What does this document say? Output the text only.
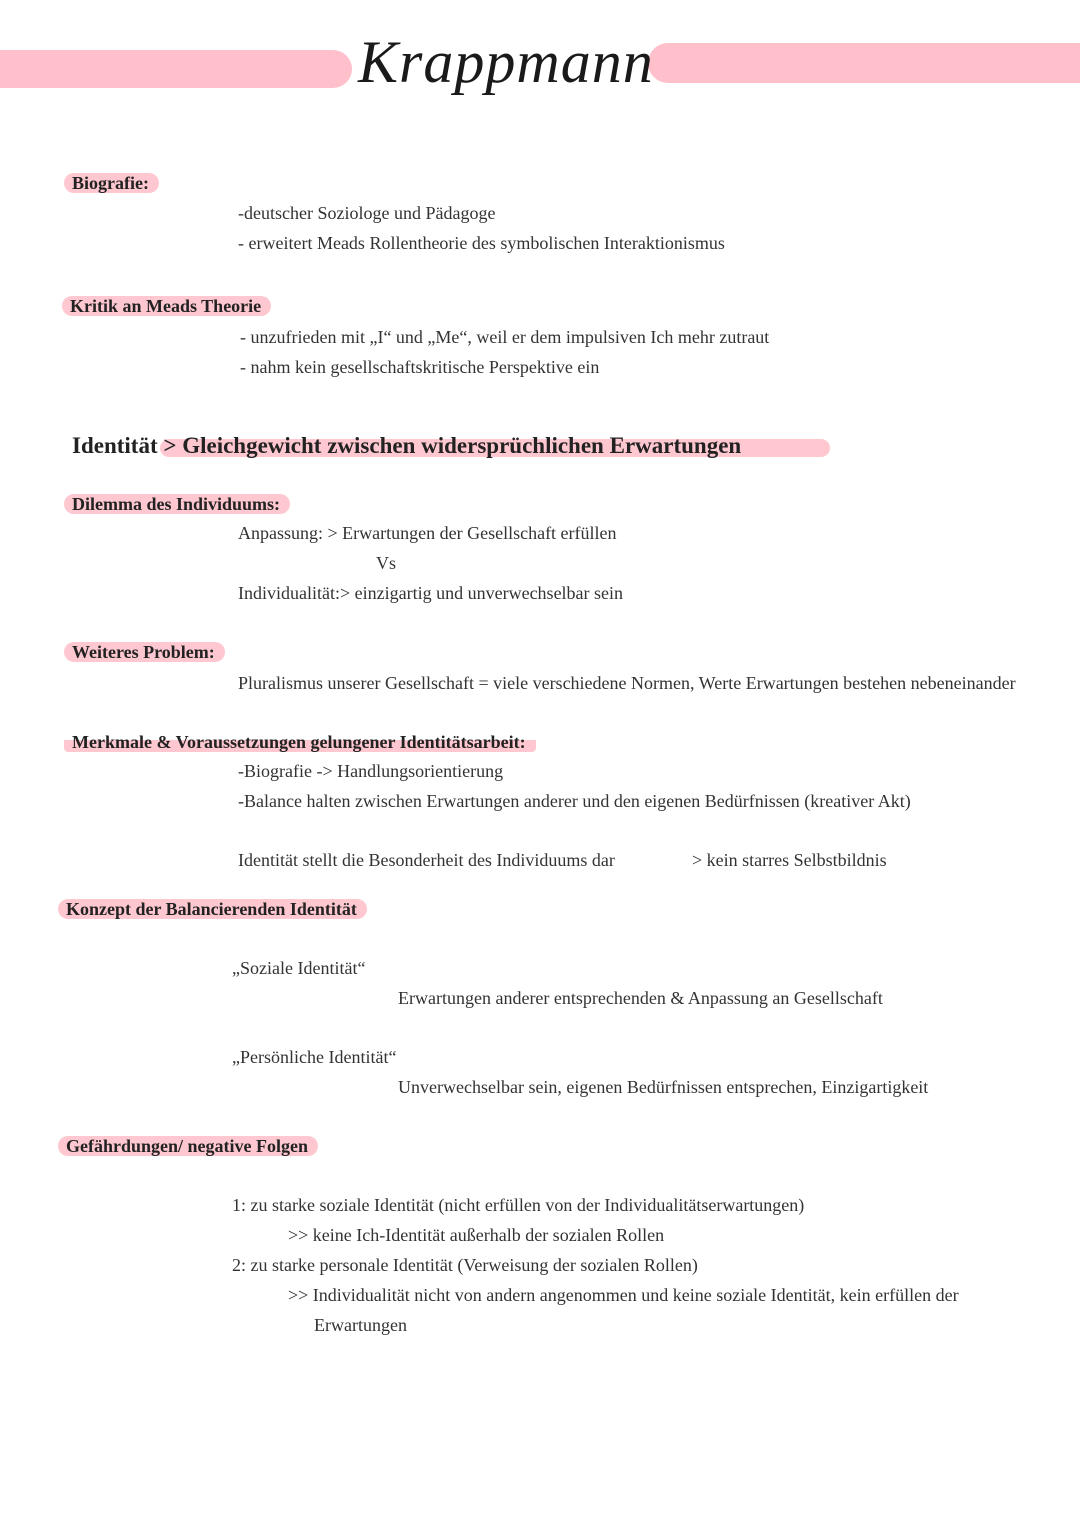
Krappmann
Biografie:
-deutscher Soziologe und Pädagoge
- erweitert Meads Rollentheorie des symbolischen Interaktionismus
Kritik an Meads Theorie
- unzufrieden mit „I“ und „Me“, weil er dem impulsiven Ich mehr zutraut
- nahm kein gesellschaftskritische Perspektive ein
Identität > Gleichgewicht zwischen widersprüchlichen Erwartungen
Dilemma des Individuums:
Anpassung: > Erwartungen der Gesellschaft erfüllen
Vs
Individualität:> einzigartig und unverwechselbar sein
Weiteres Problem:
Pluralismus unserer Gesellschaft = viele verschiedene Normen, Werte Erwartungen bestehen nebeneinander
Merkmale & Voraussetzungen gelungener Identitätsarbeit:
-Biografie -> Handlungsorientierung
-Balance halten zwischen Erwartungen anderer und den eigenen Bedürfnissen (kreativer Akt)
Identität stellt die Besonderheit des Individuums dar	> kein starres Selbstbildnis
Konzept der Balancierenden Identität
„Soziale Identität“
Erwartungen anderer entsprechenden & Anpassung an Gesellschaft
„Persönliche Identität“
Unverwechselbar sein, eigenen Bedürfnissen entsprechen, Einzigartigkeit
Gefährdungen/ negative Folgen
1: zu starke soziale Identität (nicht erfüllen von der Individualitätserwartungen)
>> keine Ich-Identität außerhalb der sozialen Rollen
2: zu starke personale Identität (Verweisung der sozialen Rollen)
>> Individualität nicht von andern angenommen und keine soziale Identität, kein erfüllen der
Erwartungen
